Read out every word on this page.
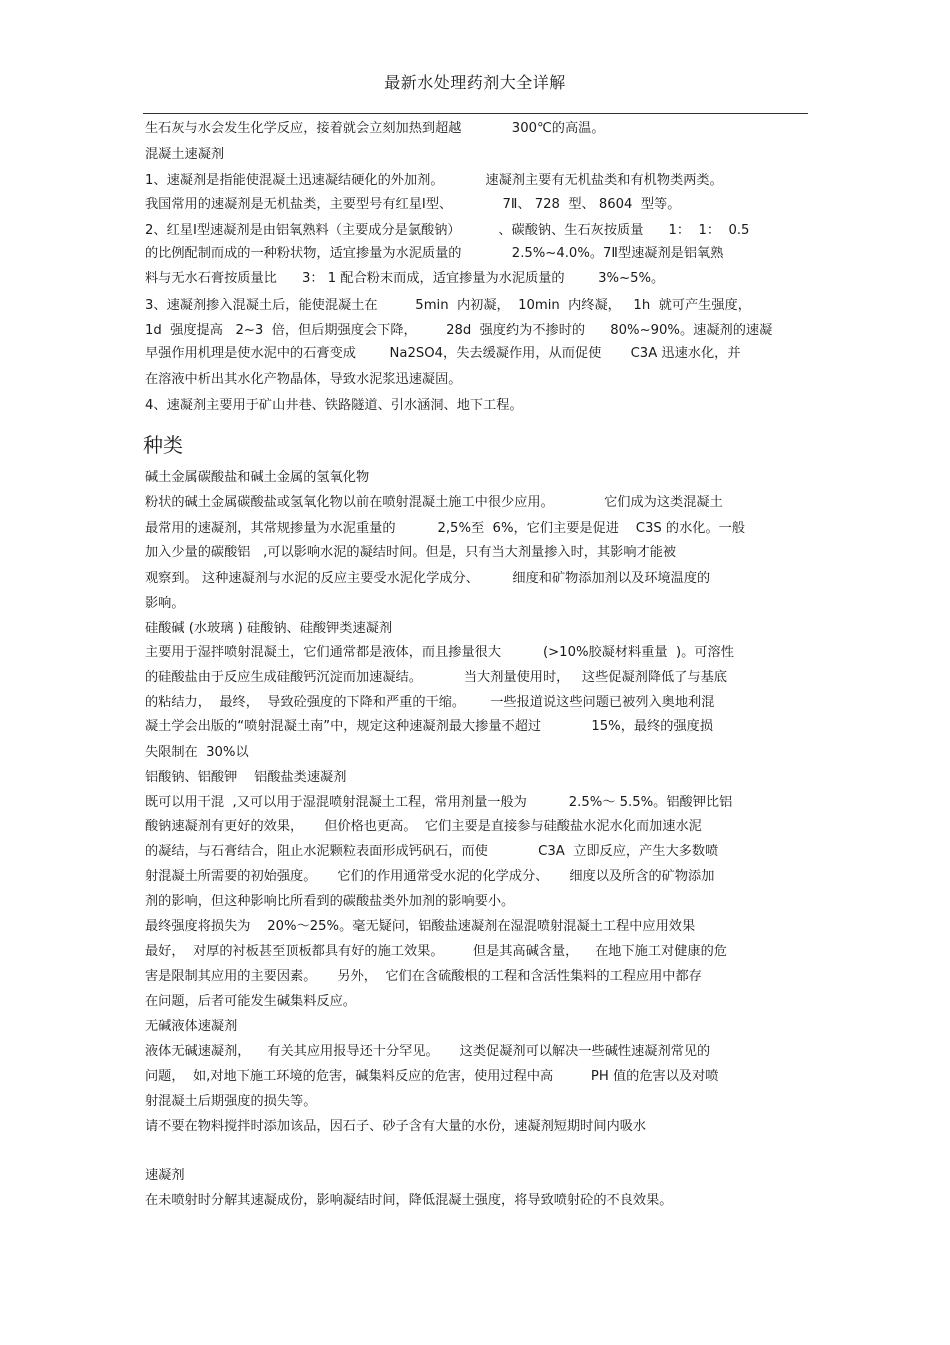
最新水处理药剂大全详解
生石灰与水会发生化学反应，接着就会立刻加热到超越            300℃的高温。
混凝土速凝剂
1、速凝剂是指能使混凝土迅速凝结硬化的外加剂。          速凝剂主要有无机盐类和有机物类两类。
我国常用的速凝剂是无机盐类，主要型号有红星Ⅰ型、            7Ⅱ、 728  型、 8604  型等。
2、红星Ⅰ型速凝剂是由铝氧熟料（主要成分是氯酸钠）         、碳酸钠、生石灰按质量      1：  1：  0.5
的比例配制而成的一种粉状物，适宜掺量为水泥质量的            2.5%~4.0%。7Ⅱ型速凝剂是铝氧熟
料与无水石膏按质量比      3： 1 配合粉末而成，适宜掺量为水泥质量的        3%~5%。
3、速凝剂掺入混凝土后，能使混凝土在         5min  内初凝，  10min  内终凝，   1h  就可产生强度，
1d  强度提高   2~3  倍，但后期强度会下降，       28d  强度约为不掺时的      80%~90%。速凝剂的速凝
早强作用机理是使水泥中的石膏变成        Na2SO4，失去缓凝作用，从而促使       C3A 迅速水化，并
在溶液中析出其水化产物晶体，导致水泥浆迅速凝固。
4、速凝剂主要用于矿山井巷、铁路隧道、引水涵洞、地下工程。
种类
碱土金属碳酸盐和碱土金属的氢氧化物
粉状的碱土金属碳酸盐或氢氧化物以前在喷射混凝土施工中很少应用。            它们成为这类混凝土
最常用的速凝剂，其常规掺量为水泥重量的          2,5%至  6%，它们主要是促进    C3S 的水化。一般
加入少量的碳酸铝   ,可以影响水泥的凝结时间。但是，只有当大剂量掺入时，其影响才能被
观察到。 这种速凝剂与水泥的反应主要受水泥化学成分、        细度和矿物添加剂以及环境温度的
影响。
硅酸碱 (水玻璃 ) 硅酸钠、硅酸钾类速凝剂
主要用于湿拌喷射混凝土，它们通常都是液体，而且掺量很大          (>10%胶凝材料重量  )。可溶性
的硅酸盐由于反应生成硅酸钙沉淀而加速凝结。          当大剂量使用时，   这些促凝剂降低了与基底
的粘结力，  最终，  导致砼强度的下降和严重的干缩。      一些报道说这些问题已被列入奥地利混
凝土学会出版的“喷射混凝土南”中，规定这种速凝剂最大掺量不超过            15%，最终的强度损
失限制在  30%以
铝酸钠、铝酸钾    铝酸盐类速凝剂
既可以用干混  ,又可以用于湿混喷射混凝土工程，常用剂量一般为          2.5%～ 5.5%。铝酸钾比铝
酸钠速凝剂有更好的效果，     但价格也更高。  它们主要是直接参与硅酸盐水泥水化而加速水泥
的凝结，与石膏结合，阻止水泥颗粒表面形成钙矾石，而使            C3A  立即反应，产生大多数喷
射混凝土所需要的初始强度。     它们的作用通常受水泥的化学成分、     细度以及所含的矿物添加
剂的影响，但这种影响比所看到的碳酸盐类外加剂的影响要小。
最终强度将损失为    20%～25%。毫无疑问，铝酸盐速凝剂在湿混喷射混凝土工程中应用效果
最好，  对厚的衬板甚至顶板都具有好的施工效果。       但是其高碱含量，    在地下施工对健康的危
害是限制其应用的主要因素。     另外，  它们在含硫酸根的工程和含活性集料的工程应用中都存
在问题，后者可能发生碱集料反应。
无碱液体速凝剂
液体无碱速凝剂，    有关其应用报导还十分罕见。     这类促凝剂可以解决一些碱性速凝剂常见的
问题，  如,对地下施工环境的危害，碱集料反应的危害，使用过程中高         PH 值的危害以及对喷
射混凝土后期强度的损失等。
请不要在物料搅拌时添加该品，因石子、砂子含有大量的水份，速凝剂短期时间内吸水
速凝剂
在未喷射时分解其速凝成份，影响凝结时间，降低混凝土强度，将导致喷射砼的不良效果。
